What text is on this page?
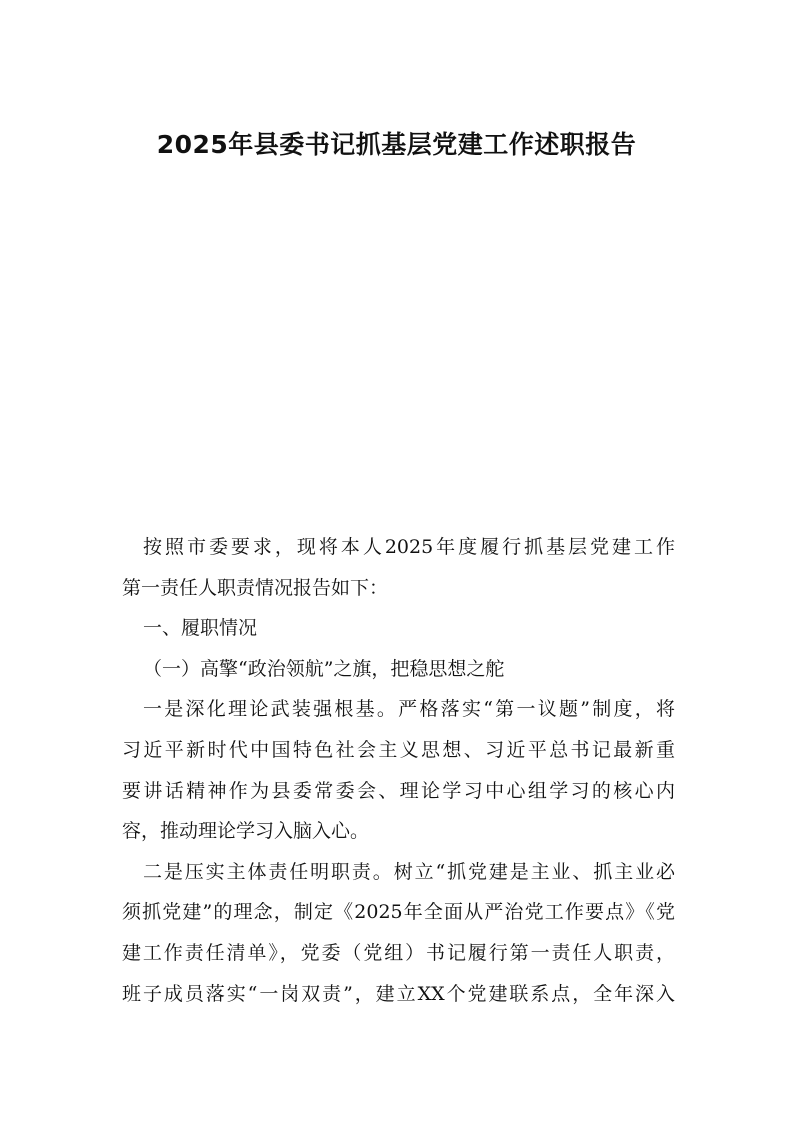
2025年县委书记抓基层党建工作述职报告
按照市委要求，现将本人2025年度履行抓基层党建工作
第一责任人职责情况报告如下：
一、履职情况
（一）高擎“政治领航”之旗，把稳思想之舵
一是深化理论武装强根基。严格落实“第一议题”制度，将
习近平新时代中国特色社会主义思想、习近平总书记最新重
要讲话精神作为县委常委会、理论学习中心组学习的核心内
容，推动理论学习入脑入心。
二是压实主体责任明职责。树立“抓党建是主业、抓主业必
须抓党建”的理念，制定《2025年全面从严治党工作要点》《党
建工作责任清单》，党委（党组）书记履行第一责任人职责，
班子成员落实“一岗双责”，建立XX个党建联系点，全年深入
